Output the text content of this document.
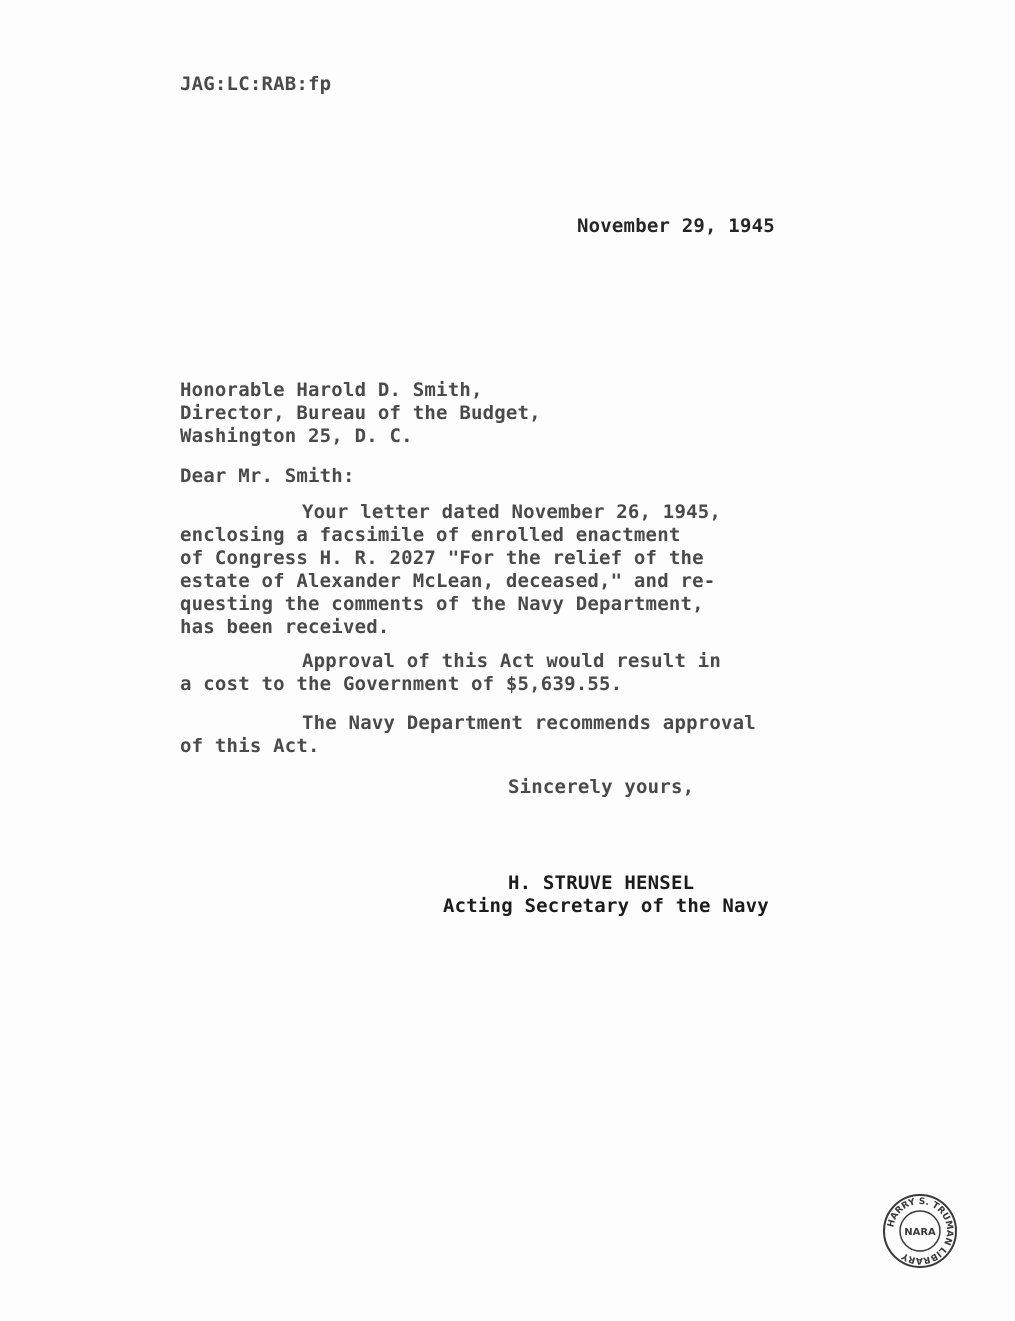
JAG:LC:RAB:fp
November 29, 1945
Honorable Harold D. Smith,
Director, Bureau of the Budget,
Washington 25, D. C.
Dear Mr. Smith:
Your letter dated November 26, 1945,
enclosing a facsimile of enrolled enactment
of Congress H. R. 2027 "For the relief of the
estate of Alexander McLean, deceased," and re-
questing the comments of the Navy Department,
has been received.
Approval of this Act would result in
a cost to the Government of $5,639.55.
The Navy Department recommends approval
of this Act.
Sincerely yours,
H. STRUVE HENSEL
Acting Secretary of the Navy
HARRY S. TRUMAN LIBRARY
NARA
